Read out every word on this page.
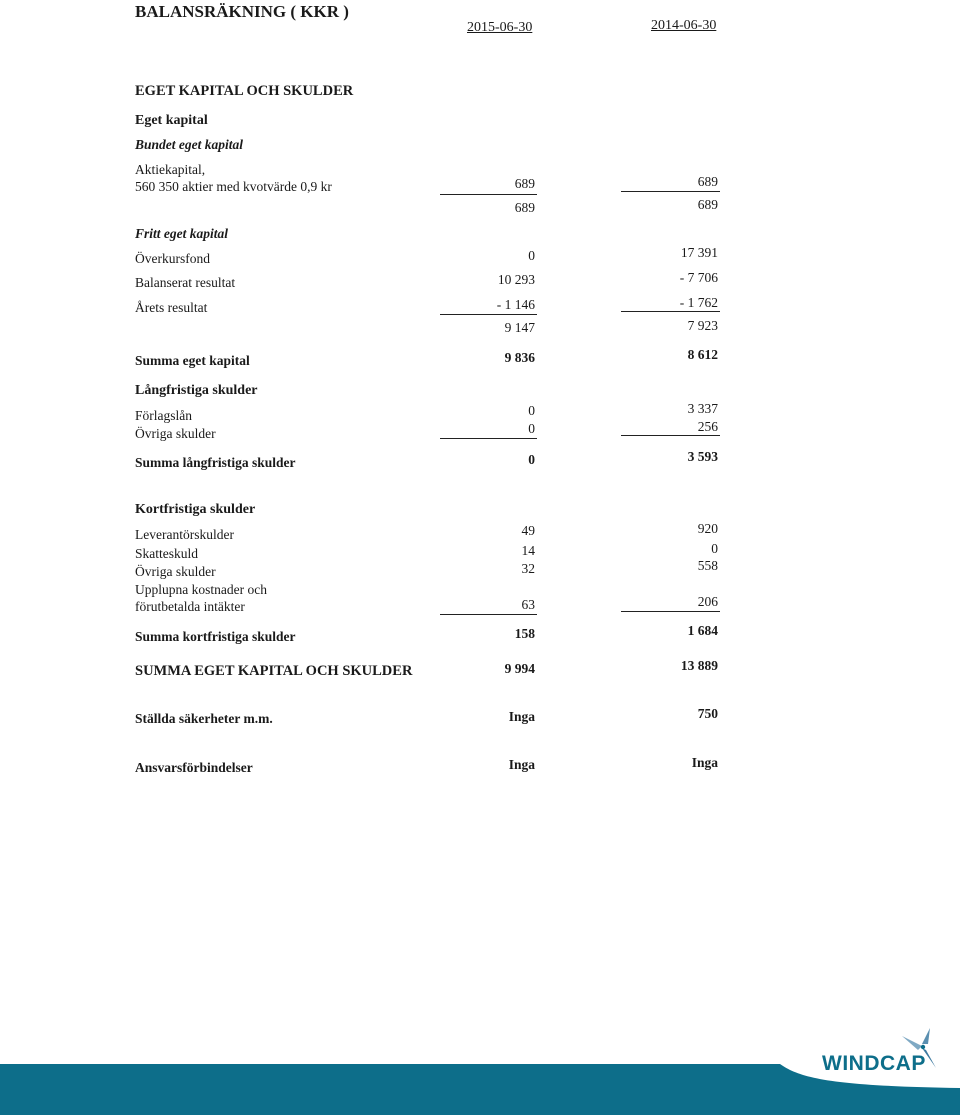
BALANSRÄKNING ( KKR )
2015-06-30	2014-06-30
EGET KAPITAL OCH SKULDER
Eget kapital
Bundet eget kapital
Aktiekapital,
560 350 aktier med kvotvärde 0,9 kr	689	689
689	689
Fritt eget kapital
Överkursfond	0	17 391
Balanserat resultat	10 293	- 7 706
Årets resultat	- 1 146	- 1 762
9 147	7 923
Summa eget kapital	9 836	8 612
Långfristiga skulder
Förlagslån	0	3 337
Övriga skulder	0	256
Summa långfristiga skulder	0	3 593
Kortfristiga skulder
Leverantörskulder	49	920
Skatteskuld	14	0
Övriga skulder	32	558
Upplupna kostnader och
förutbetalda intäkter	63	206
Summa kortfristiga skulder	158	1 684
SUMMA EGET KAPITAL OCH SKULDER	9 994	13 889
Ställda säkerheter m.m.	Inga	750
Ansvarsförbindelser	Inga	Inga
WINDCAP
